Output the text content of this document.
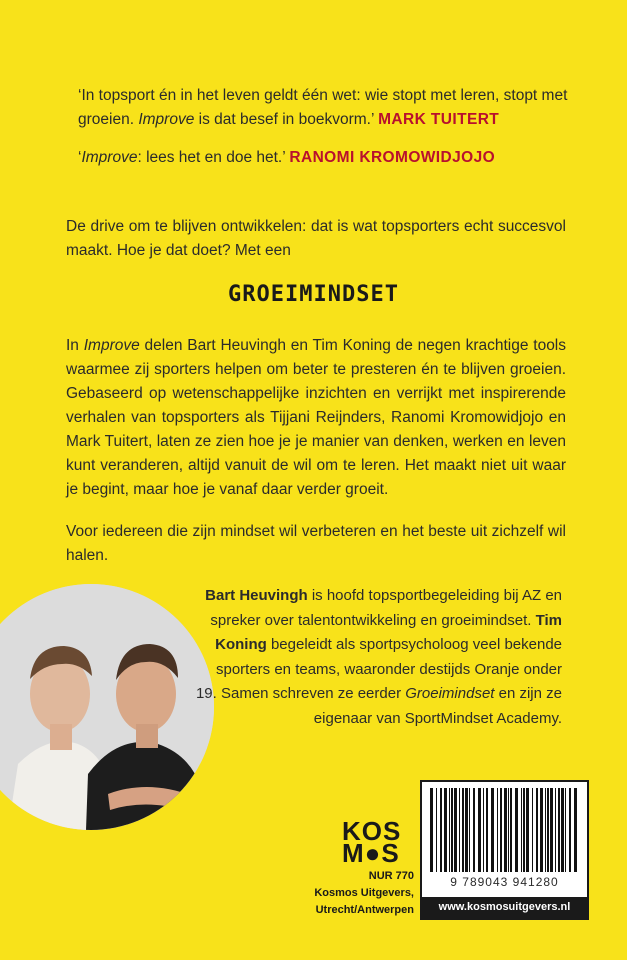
‘In topsport én in het leven geldt één wet: wie stopt met leren, stopt met groeien. Improve is dat besef in boekvorm.’ MARK TUITERT

‘Improve: lees het en doe het.’ RANOMI KROMOWIDJOJO

De drive om te blijven ontwikkelen: dat is wat topsporters echt succesvol maakt. Hoe je dat doet? Met een
GROEIMINDSET

In Improve delen Bart Heuvingh en Tim Koning de negen krachtige tools waarmee zij sporters helpen om beter te presteren én te blijven groeien. Gebaseerd op wetenschappelijke inzichten en verrijkt met inspirerende verhalen van topsporters als Tijjani Reijnders, Ranomi Kromowidjojo en Mark Tuitert, laten ze zien hoe je je manier van denken, werken en leven kunt veranderen, altijd vanuit de wil om te leren. Het maakt niet uit waar je begint, maar hoe je vanaf daar verder groeit.

Voor iedereen die zijn mindset wil verbeteren en het beste uit zichzelf wil halen.

Bart Heuvingh is hoofd topsportbegeleiding bij AZ en spreker over talentontwikkeling en groeimindset. Tim Koning begeleidt als sportpsycholoog veel bekende sporters en teams, waaronder destijds Oranje onder 19. Samen schreven ze eerder Groeimindset en zijn ze eigenaar van SportMindset Academy.
KOS
M●S
NUR 770
Kosmos Uitgevers,
Utrecht/Antwerpen
9 789043 941280
www.kosmosuitgevers.nl
